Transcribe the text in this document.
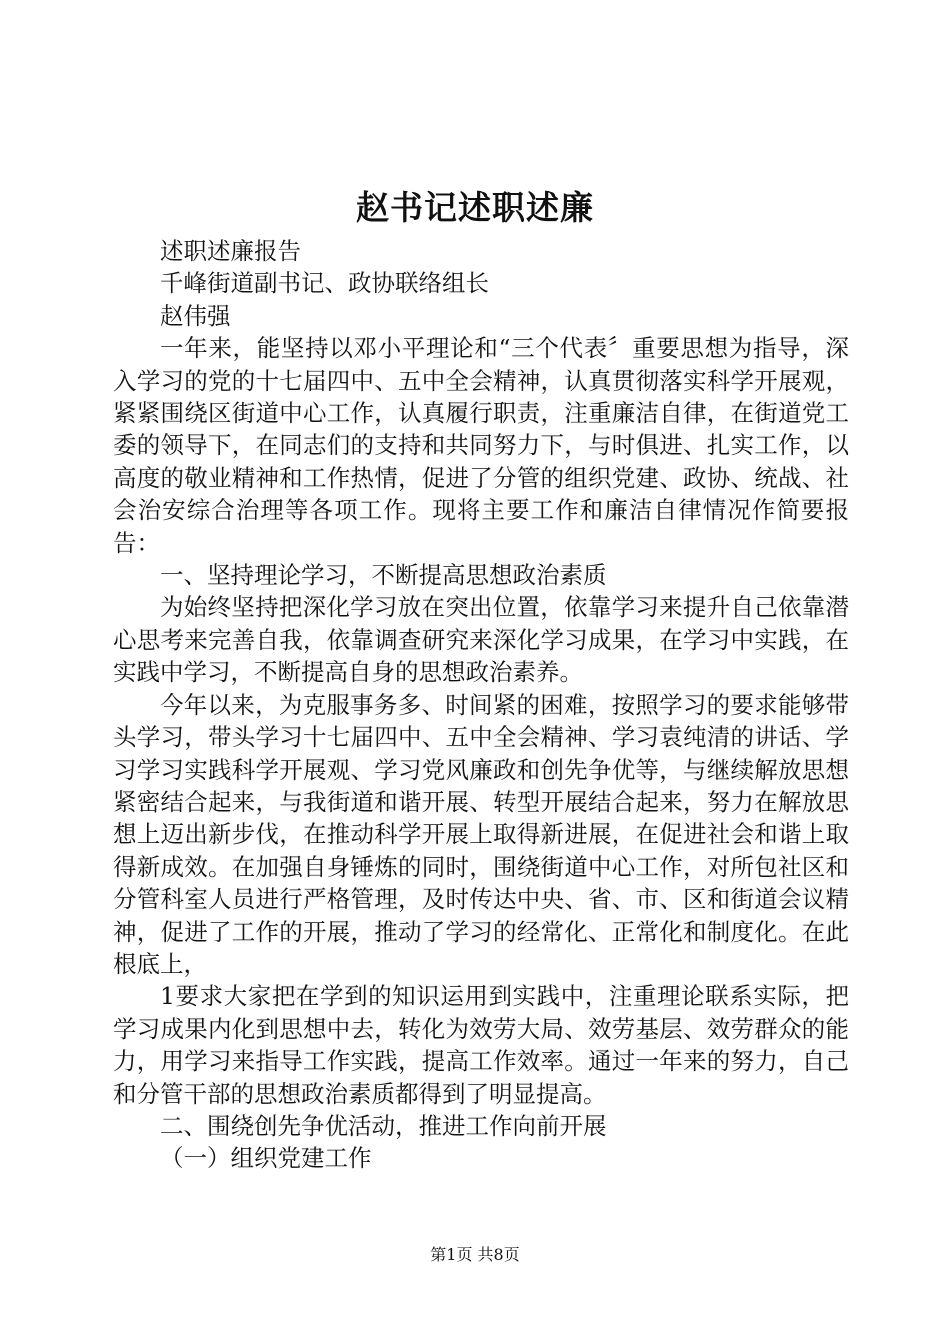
赵书记述职述廉

述职述廉报告

千峰街道副书记、政协联络组长

赵伟强

一年来，能坚持以邓小平理论和“三个代表〞重要思想为指导，深入学习的党的十七届四中、五中全会精神，认真贯彻落实科学开展观，紧紧围绕区街道中心工作，认真履行职责，注重廉洁自律，在街道党工委的领导下，在同志们的支持和共同努力下，与时俱进、扎实工作，以高度的敬业精神和工作热情，促进了分管的组织党建、政协、统战、社会治安综合治理等各项工作。现将主要工作和廉洁自律情况作简要报告：

一、坚持理论学习，不断提高思想政治素质

为始终坚持把深化学习放在突出位置，依靠学习来提升自己依靠潜心思考来完善自我，依靠调查研究来深化学习成果，在学习中实践，在实践中学习，不断提高自身的思想政治素养。

今年以来，为克服事务多、时间紧的困难，按照学习的要求能够带头学习，带头学习十七届四中、五中全会精神、学习袁纯清的讲话、学习学习实践科学开展观、学习党风廉政和创先争优等，与继续解放思想紧密结合起来，与我街道和谐开展、转型开展结合起来，努力在解放思想上迈出新步伐，在推动科学开展上取得新进展，在促进社会和谐上取得新成效。在加强自身锤炼的同时，围绕街道中心工作，对所包社区和分管科室人员进行严格管理，及时传达中央、省、市、区和街道会议精神，促进了工作的开展，推动了学习的经常化、正常化和制度化。在此根底上，

1要求大家把在学到的知识运用到实践中，注重理论联系实际，把学习成果内化到思想中去，转化为效劳大局、效劳基层、效劳群众的能力，用学习来指导工作实践，提高工作效率。通过一年来的努力，自己和分管干部的思想政治素质都得到了明显提高。

二、围绕创先争优活动，推进工作向前开展

（一）组织党建工作

第1页 共8页
